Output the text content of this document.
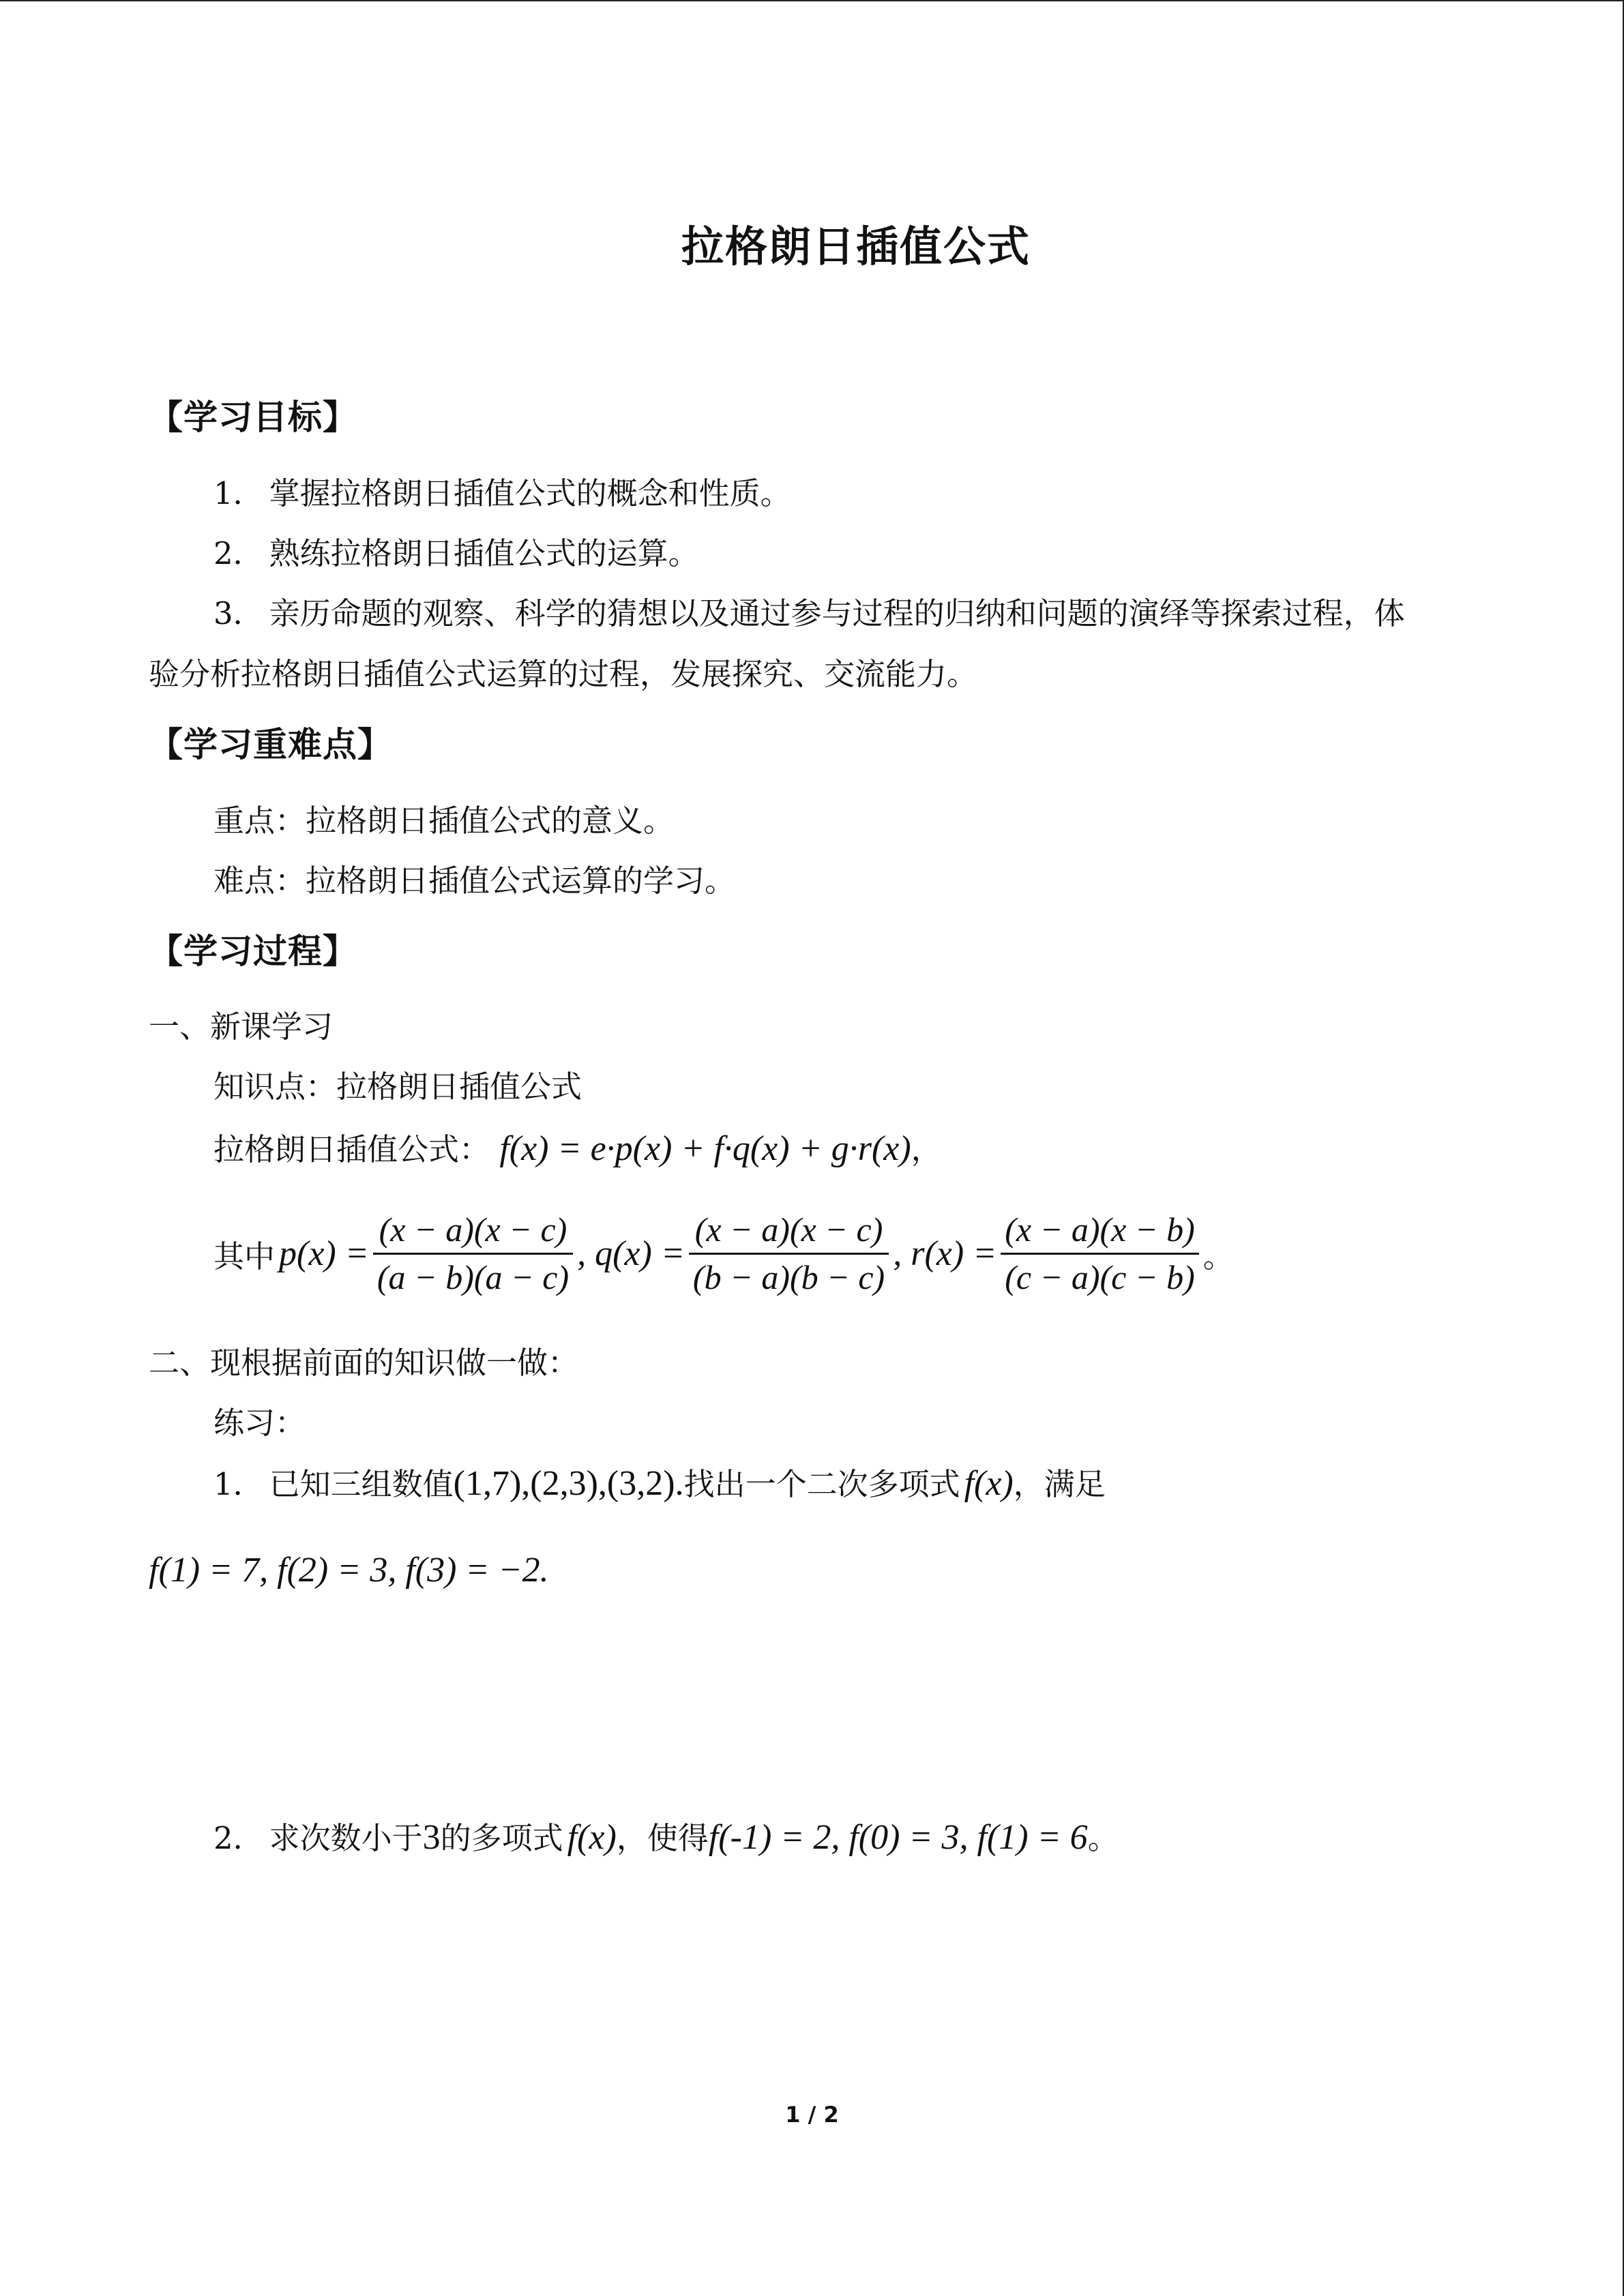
拉格朗日插值公式
【学习目标】
1． 掌握拉格朗日插值公式的概念和性质。
2． 熟练拉格朗日插值公式的运算。
3． 亲历命题的观察、科学的猜想以及通过参与过程的归纳和问题的演绎等探索过程，体
验分析拉格朗日插值公式运算的过程，发展探究、交流能力。
【学习重难点】
重点：拉格朗日插值公式的意义。
难点：拉格朗日插值公式运算的学习。
【学习过程】
一、新课学习
知识点：拉格朗日插值公式
拉格朗日插值公式： f(x) = e·p(x) + f·q(x) + g·r(x)，
其中 $p(x) = \frac{(x - a)(x - c)}{(a - b)(a - c)}$ , $q(x) = \frac{(x - a)(x - c)}{(b - a)(b - c)}$ , $r(x) = \frac{(x - a)(x - b)}{(c - a)(c - b)}$ 。
二、现根据前面的知识做一做：
练习：
1． 已知三组数值(1,7),(2,3),(3,2).找出一个二次多项式 f(x)，满足
f(1) = 7, f(2) = 3, f(3) = −2.
2． 求次数小于3的多项式 f(x)，使得f(-1) = 2, f(0) = 3, f(1) = 6。
1 / 2
